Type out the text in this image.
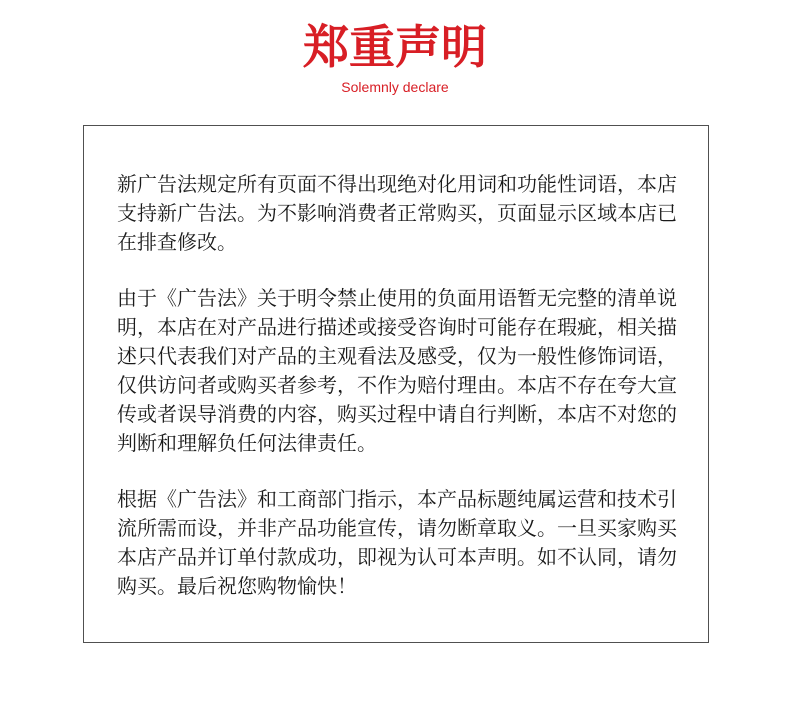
郑重声明
Solemnly declare
新广告法规定所有页面不得出现绝对化用词和功能性词语，本店
支持新广告法。为不影响消费者正常购买，页面显示区域本店已
在排查修改。
由于《广告法》关于明令禁止使用的负面用语暂无完整的清单说
明，本店在对产品进行描述或接受咨询时可能存在瑕疵，相关描
述只代表我们对产品的主观看法及感受，仅为一般性修饰词语，
仅供访问者或购买者参考，不作为赔付理由。本店不存在夸大宣
传或者误导消费的内容，购买过程中请自行判断，本店不对您的
判断和理解负任何法律责任。
根据《广告法》和工商部门指示，本产品标题纯属运营和技术引
流所需而设，并非产品功能宣传，请勿断章取义。一旦买家购买
本店产品并订单付款成功，即视为认可本声明。如不认同，请勿
购买。最后祝您购物愉快！
